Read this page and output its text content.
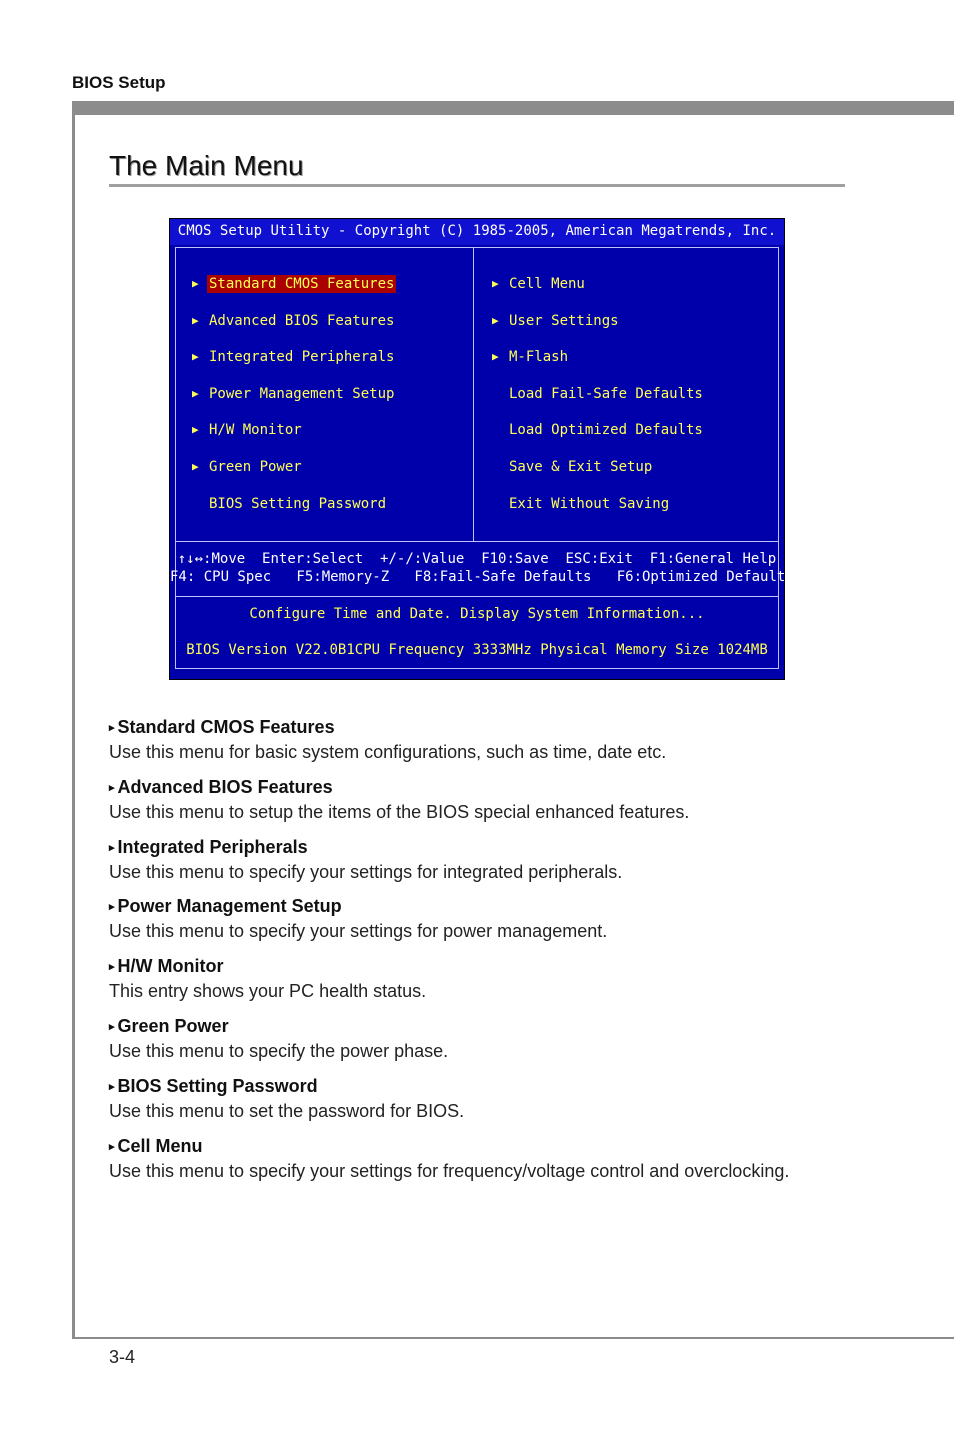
BIOS Setup
The Main Menu
CMOS Setup Utility - Copyright (C) 1985-2005, American Megatrends, Inc.
▶ Standard CMOS Features
▶ Advanced BIOS Features
▶ Integrated Peripherals
▶ Power Management Setup
▶ H/W Monitor
▶ Green Power
BIOS Setting Password
▶ Cell Menu
▶ User Settings
▶ M-Flash
Load Fail-Safe Defaults
Load Optimized Defaults
Save & Exit Setup
Exit Without Saving
↑↓↔:Move  Enter:Select  +/-/:Value  F10:Save  ESC:Exit  F1:General Help
F4: CPU Spec   F5:Memory-Z   F8:Fail-Safe Defaults   F6:Optimized Defaults
Configure Time and Date. Display System Information...
BIOS Version V22.0B1CPU Frequency 3333MHz Physical Memory Size 1024MB
▸ Standard CMOS Features
Use this menu for basic system configurations, such as time, date etc.
▸ Advanced BIOS Features
Use this menu to setup the items of the BIOS special enhanced features.
▸ Integrated Peripherals
Use this menu to specify your settings for integrated peripherals.
▸ Power Management Setup
Use this menu to specify your settings for power management.
▸ H/W Monitor
This entry shows your PC health status.
▸ Green Power
Use this menu to specify the power phase.
▸ BIOS Setting Password
Use this menu to set the password for BIOS.
▸ Cell Menu
Use this menu to specify your settings for frequency/voltage control and overclocking.
3-4
